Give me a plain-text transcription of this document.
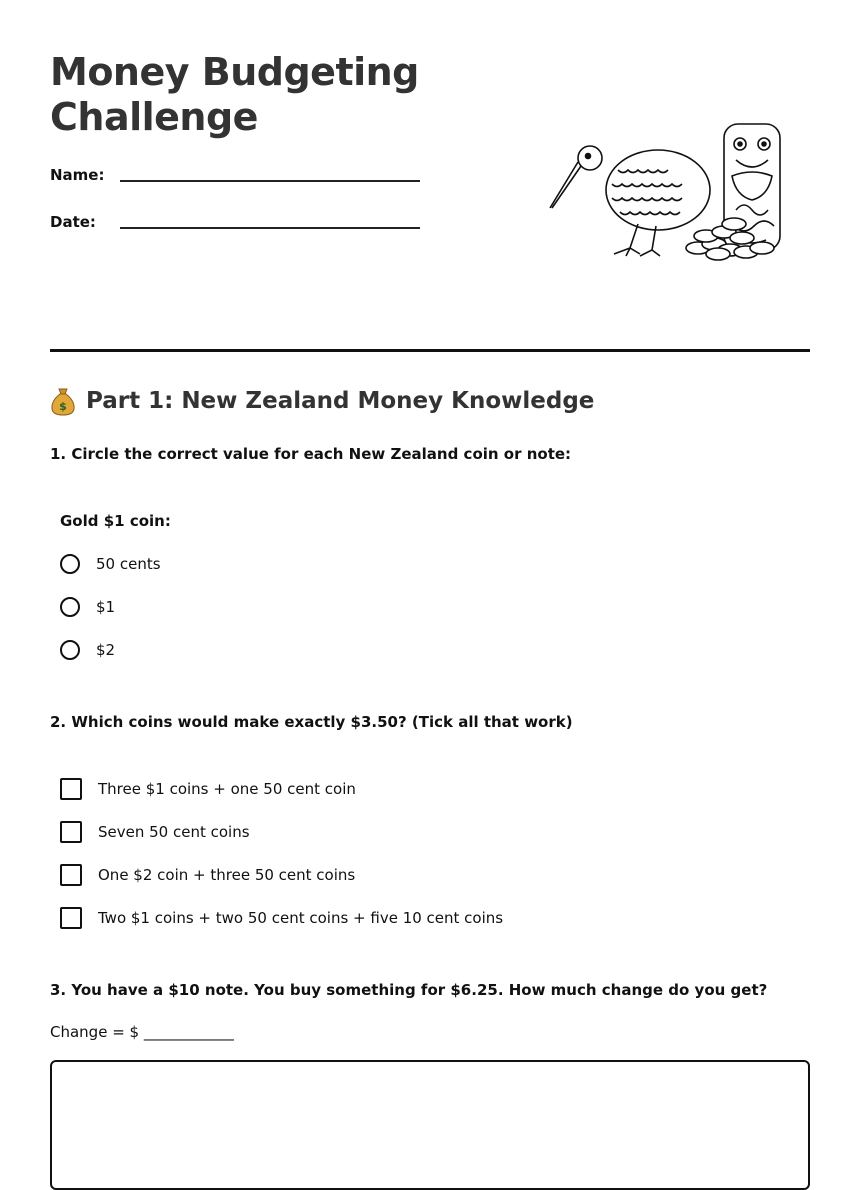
Money Budgeting Challenge
Name:
Date:
$ Part 1: New Zealand Money Knowledge
1. Circle the correct value for each New Zealand coin or note:
Gold $1 coin:
50 cents
$1
$2
2. Which coins would make exactly $3.50? (Tick all that work)
Three $1 coins + one 50 cent coin
Seven 50 cent coins
One $2 coin + three 50 cent coins
Two $1 coins + two 50 cent coins + five 10 cent coins
3. You have a $10 note. You buy something for $6.25. How much change do you get?
Change = $ ____________
